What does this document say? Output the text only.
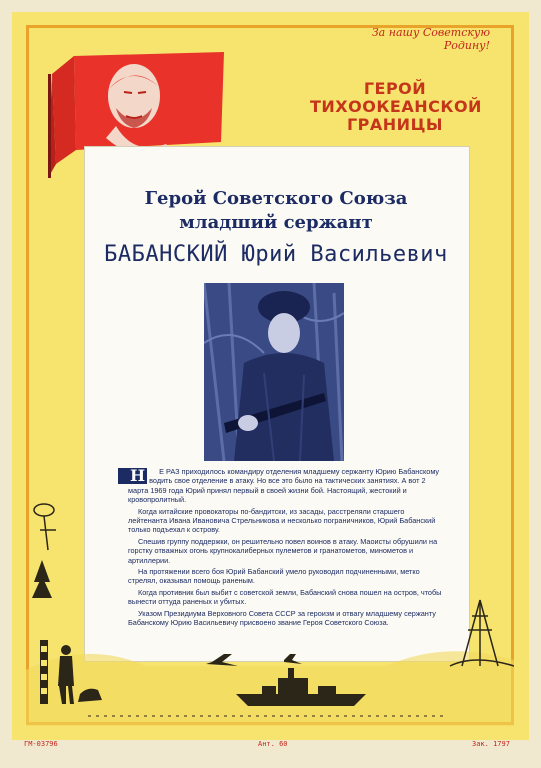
За нашу Советскую Родину!
ГЕРОЙ
ТИХООКЕАНСКОЙ
ГРАНИЦЫ
Герой Советского Союза
младший сержант
БАБАНСКИЙ Юрий Васильевич

Н Е РАЗ приходилось командиру отделения младшему сержанту Юрию Бабанскому водить свое отделение в атаку. Но все это было на тактических занятиях. А вот 2 марта 1969 года Юрий принял первый в своей жизни бой. Настоящий, жестокий и кровопролитный.

Когда китайские провокаторы по-бандитски, из засады, расстреляли старшего лейтенанта Ивана Ивановича Стрельникова и несколько пограничников, Юрий Бабанский только подъехал к острову.

Спешив группу поддержки, он решительно повел воинов в атаку. Маоисты обрушили на горстку отважных огонь крупнокалиберных пулеметов и гранатометов, минометов и артиллерии.

На протяжении всего боя Юрий Бабанский умело руководил подчиненными, метко стрелял, оказывал помощь раненым.

Когда противник был выбит с советской земли, Бабанский снова пошел на остров, чтобы вынести оттуда раненых и убитых.

Указом Президиума Верховного Совета СССР за героизм и отвагу младшему сержанту Бабанскому Юрию Васильевичу присвоено звание Героя Советского Союза.

ГМ-03796	Ант. 60	Зак. 1797
